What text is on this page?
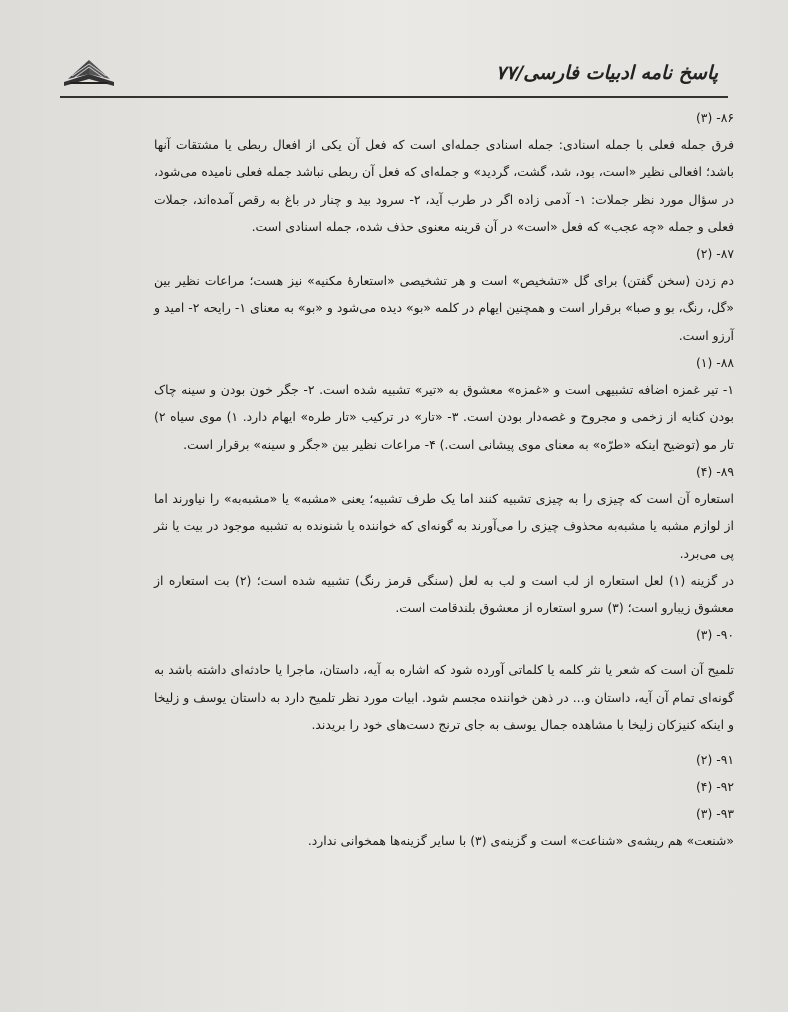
پاسخ نامه ادبیات فارسی/۷۷
۸۶- (۳)

فرق جمله فعلی با جمله اسنادی: جمله اسنادی جمله‌ای است که فعل آن یکی از افعال ربطی یا مشتقات آنها باشد؛ افعالی نظیر «است، بود، شد، گشت، گردید» و جمله‌ای که فعل آن ربطی نباشد جمله فعلی نامیده می‌شود، در سؤال مورد نظر جملات: ۱- آدمی زاده اگر در طرب آید، ۲- سرود بید و چنار در باغ به رقص آمده‌اند، جملات فعلی و جمله «چه عجب» که فعل «است» در آن قرینه معنوی حذف شده، جمله اسنادی است.

۸۷- (۲)

دم زدن (سخن گفتن) برای گل «تشخیص» است و هر تشخیصی «استعارهٔ مکنیه» نیز هست؛ مراعات نظیر بین «گل، رنگ، بو و صبا» برقرار است و همچنین ایهام در کلمه «بو» دیده می‌شود و «بو» به معنای ۱- رایحه ۲- امید و آرزو است.

۸۸- (۱)

۱- تیر غمزه اضافه تشبیهی است و «غمزه» معشوق به «تیر» تشبیه شده است. ۲- جگر خون بودن و سینه چاک بودن کنایه از زخمی و مجروح و غصه‌دار بودن است. ۳- «تار» در ترکیب «تار طره» ایهام دارد. ۱) موی سیاه ۲) تار مو (توضیح اینکه «طرّه» به معنای موی پیشانی است.) ۴- مراعات نظیر بین «جگر و سینه» برقرار است.

۸۹- (۴)

استعاره آن است که چیزی را به چیزی تشبیه کنند اما یک طرف تشبیه؛ یعنی «مشبه» یا «مشبه‌به» را نیاورند اما از لوازم مشبه یا مشبه‌به محذوف چیزی را می‌آورند به گونه‌ای که خواننده یا شنونده به تشبیه موجود در بیت یا نثر پی می‌برد.

در گزینه (۱) لعل استعاره از لب است و لب به لعل (سنگی قرمز رنگ) تشبیه شده است؛ (۲) بت استعاره از معشوق زیبارو است؛ (۳) سرو استعاره از معشوق بلندقامت است.

۹۰- (۳)

تلمیح آن است که شعر یا نثر کلمه یا کلماتی آورده شود که اشاره به آیه، داستان، ماجرا یا حادثه‌ای داشته باشد به گونه‌ای تمام آن آیه، داستان و... در ذهن خواننده مجسم شود. ابیات مورد نظر تلمیح دارد به داستان یوسف و زلیخا و اینکه کنیزکان زلیخا با مشاهده جمال یوسف به جای ترنج دست‌های خود را بریدند.

۹۱- (۲)
۹۲- (۴)
۹۳- (۳)

«شنعت» هم ریشه‌ی «شناعت» است و گزینه‌ی (۳) با سایر گزینه‌ها همخوانی ندارد.
